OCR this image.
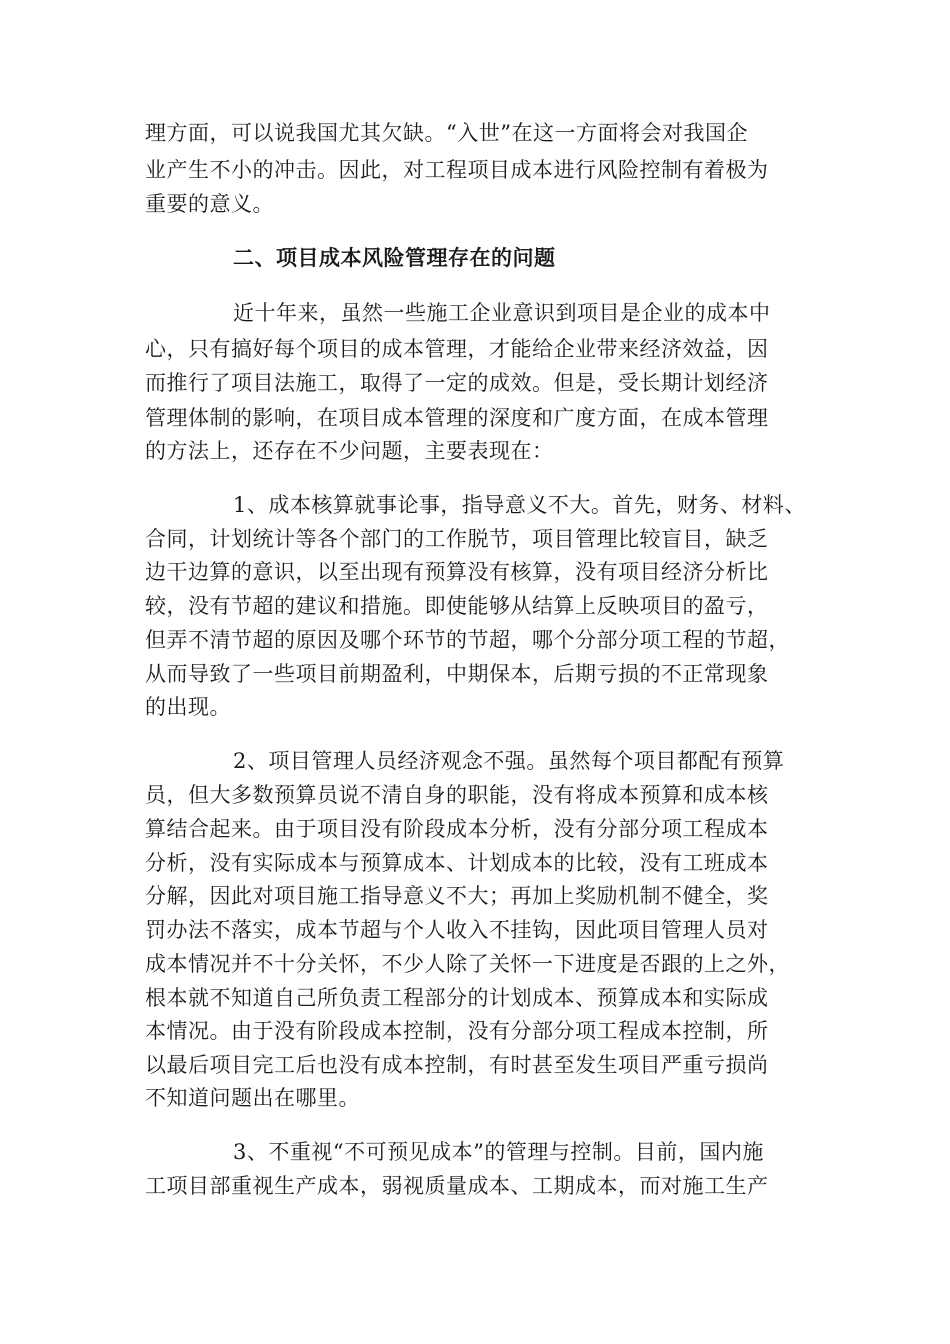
理方面，可以说我国尤其欠缺。“入世”在这一方面将会对我国企
业产生不小的冲击。因此，对工程项目成本进行风险控制有着极为
重要的意义。
二、项目成本风险管理存在的问题
近十年来，虽然一些施工企业意识到项目是企业的成本中
心，只有搞好每个项目的成本管理，才能给企业带来经济效益，因
而推行了项目法施工，取得了一定的成效。但是，受长期计划经济
管理体制的影响，在项目成本管理的深度和广度方面，在成本管理
的方法上，还存在不少问题，主要表现在：
1、成本核算就事论事，指导意义不大。首先，财务、材料、
合同，计划统计等各个部门的工作脱节，项目管理比较盲目，缺乏
边干边算的意识，以至出现有预算没有核算，没有项目经济分析比
较，没有节超的建议和措施。即使能够从结算上反映项目的盈亏，
但弄不清节超的原因及哪个环节的节超，哪个分部分项工程的节超，
从而导致了一些项目前期盈利，中期保本，后期亏损的不正常现象
的出现。
2、项目管理人员经济观念不强。虽然每个项目都配有预算
员，但大多数预算员说不清自身的职能，没有将成本预算和成本核
算结合起来。由于项目没有阶段成本分析，没有分部分项工程成本
分析，没有实际成本与预算成本、计划成本的比较，没有工班成本
分解，因此对项目施工指导意义不大；再加上奖励机制不健全，奖
罚办法不落实，成本节超与个人收入不挂钩，因此项目管理人员对
成本情况并不十分关怀，不少人除了关怀一下进度是否跟的上之外，
根本就不知道自己所负责工程部分的计划成本、预算成本和实际成
本情况。由于没有阶段成本控制，没有分部分项工程成本控制，所
以最后项目完工后也没有成本控制，有时甚至发生项目严重亏损尚
不知道问题出在哪里。
3、不重视“不可预见成本”的管理与控制。目前，国内施
工项目部重视生产成本，弱视质量成本、工期成本，而对施工生产
